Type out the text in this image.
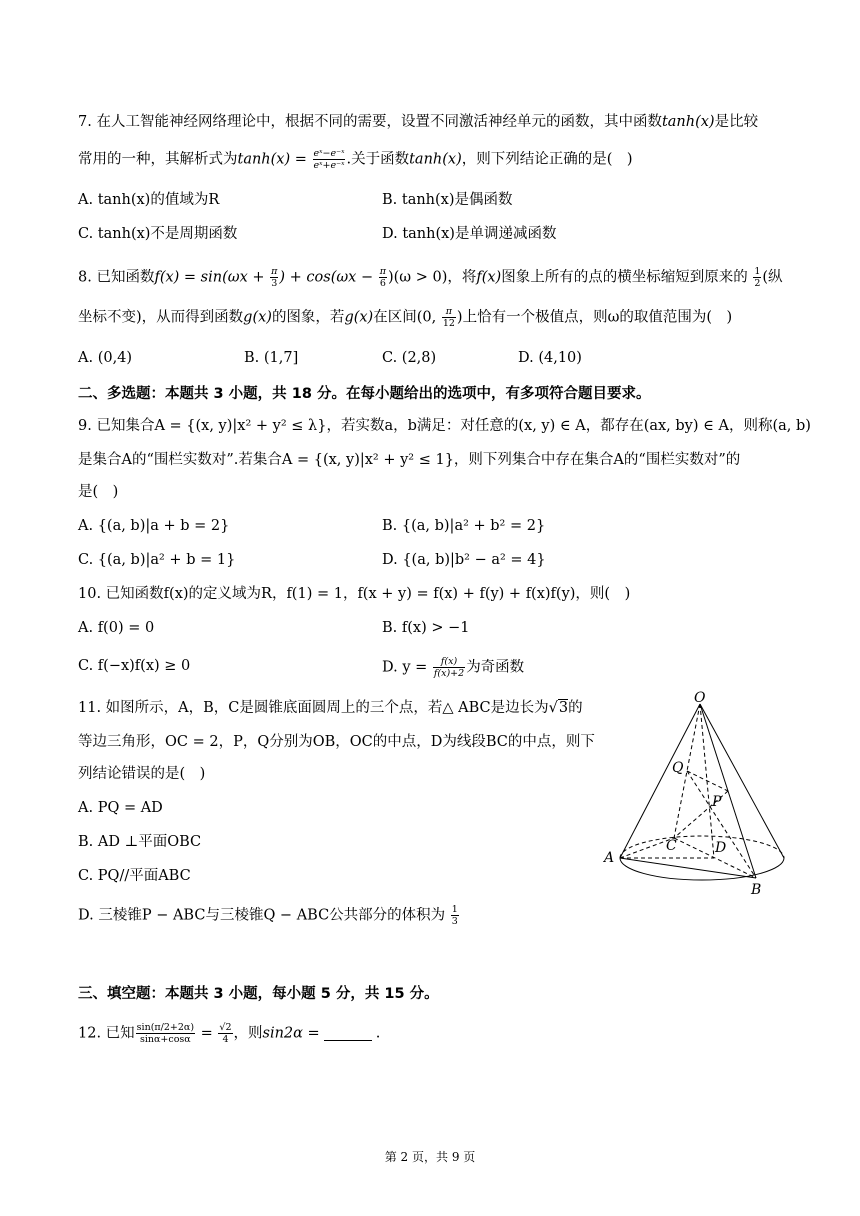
7. 在人工智能神经网络理论中，根据不同的需要，设置不同激活神经单元的函数，其中函数tanh(x)是比较
常用的一种，其解析式为$\tanh(x) = \frac{\text{eˣ−e⁻ˣ}}{\text{eˣ+e⁻ˣ}}$ .关于函数tanh(x)，则下列结论正确的是(　)
A. tanh(x)的值域为R	B. tanh(x)是偶函数
C. tanh(x)不是周期函数	D. tanh(x)是单调递减函数
8. 已知函数$f(x) = \sin(\omega x + \frac{\pi}{3}$ ) + $\cos(\omega x - \frac{\pi}{6} )(\omega > 0)$，将f(x)图象上所有的点的横坐标缩短到原来的 $\frac{1}{2}$ (纵
坐标不变)，从而得到函数g(x)的图象，若g(x)在区间(0, $\frac{\pi}{12}$ )上恰有一个极值点，则ω的取值范围为(　)
A. (0,4)	B. (1,7]	C. (2,8)	D. (4,10)
二、多选题：本题共 3 小题，共 18 分。在每小题给出的选项中，有多项符合题目要求。
9. 已知集合A = {(x, y)|x² + y² ≤ λ}，若实数a，b满足：对任意的(x, y) ∈ A，都存在(ax, by) ∈ A，则称(a, b)
是集合A的“围栏实数对”.若集合A = {(x, y)|x² + y² ≤ 1}，则下列集合中存在集合A的“围栏实数对”的
是(　)
A. {(a, b)|a + b = 2}	B. {(a, b)|a² + b² = 2}
C. {(a, b)|a² + b = 1}	D. {(a, b)|b² − a² = 4}
10. 已知函数f(x)的定义域为R，f(1) = 1，f(x + y) = f(x) + f(y) + f(x)f(y)，则(　)
A. f(0) = 0	B. f(x) > −1
C. f(−x)f(x) ≥ 0	D. $y = \frac{f(x)}{f(x)+2}$ 为奇函数
11. 如图所示，A，B，C是圆锥底面圆周上的三个点，若△ ABC是边长为√3的
等边三角形，OC = 2，P，Q分别为OB，OC的中点，D为线段BC的中点，则下
列结论错误的是(　)
A. PQ = AD
B. AD ⊥平面OBC
C. PQ//平面ABC
D. 三棱锥P − ABC与三棱锥Q − ABC公共部分的体积为 $\frac{1}{3}$
O
Q
P
C	D
A
B
三、填空题：本题共 3 小题，每小题 5 分，共 15 分。
12. 已知 $\frac{\sin(\pi/2+2\alpha)}{\sin\alpha+\cos\alpha} = \frac{√2}{4}$ ，则sin2α =	.
第 2 页，共 9 页
